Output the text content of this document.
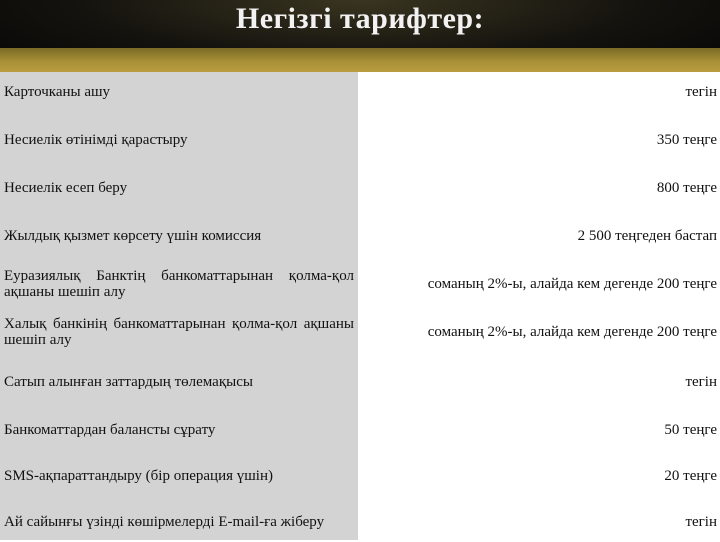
Негізгі тарифтер:
Карточканы ашу	тегін
Несиелік өтінімді қарастыру	350 теңге
Несиелік есеп беру	800 теңге
Жылдық қызмет көрсету үшін комиссия	2 500 теңгеден бастап
Еуразиялық Банктің банкоматтарынан қолма-қол ақшаны шешіп алу	соманың 2%-ы, алайда кем дегенде 200 теңге
Халық банкінің банкоматтарынан қолма-қол ақшаны шешіп алу	соманың 2%-ы, алайда кем дегенде 200 теңге
Сатып алынған заттардың төлемақысы	тегін
Банкоматтардан балансты сұрату	50 теңге
SMS-ақпараттандыру (бір операция үшін)	20 теңге
Ай сайынғы үзінді көшірмелерді E-mail-ға жіберу	тегін
